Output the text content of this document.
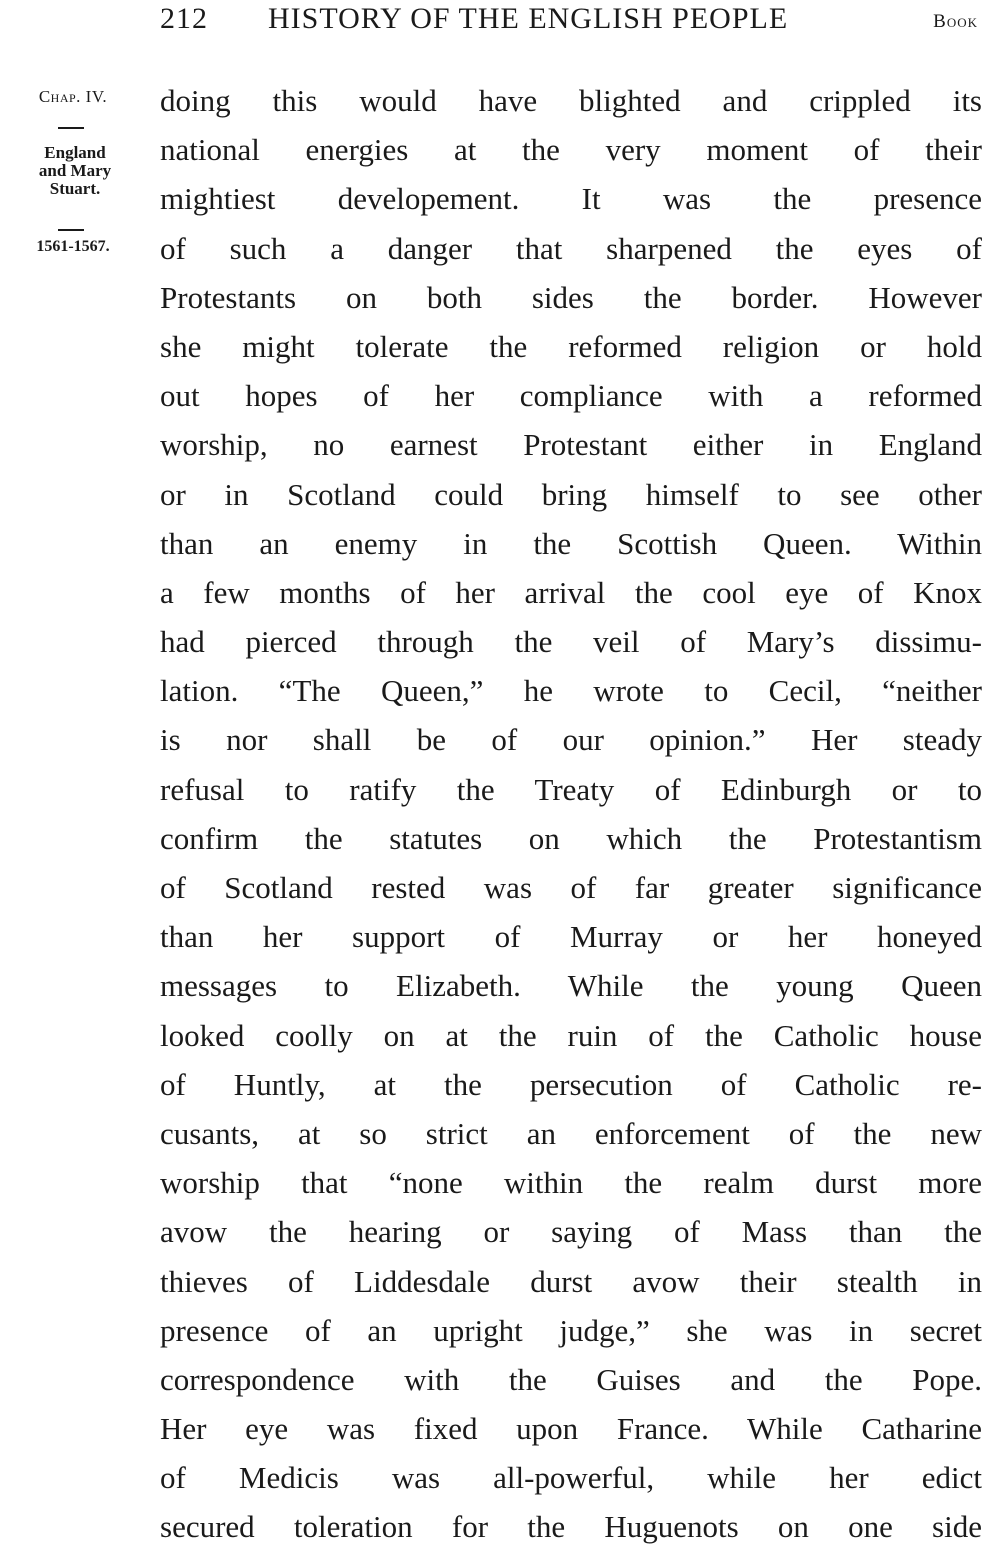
212 HISTORY OF THE ENGLISH PEOPLE	Book
Chap. IV.
England
and Mary
Stuart.
1561-1567.
doing this would have blighted and crippled its
national energies at the very moment of their
mightiest developement. It was the presence
of such a danger that sharpened the eyes of
Protestants on both sides the border. However
she might tolerate the reformed religion or hold
out hopes of her compliance with a reformed
worship, no earnest Protestant either in England
or in Scotland could bring himself to see other
than an enemy in the Scottish Queen. Within
a few months of her arrival the cool eye of Knox
had pierced through the veil of Mary’s dissimu-
lation. “The Queen,” he wrote to Cecil, “neither
is nor shall be of our opinion.” Her steady
refusal to ratify the Treaty of Edinburgh or to
confirm the statutes on which the Protestantism
of Scotland rested was of far greater significance
than her support of Murray or her honeyed
messages to Elizabeth. While the young Queen
looked coolly on at the ruin of the Catholic house
of Huntly, at the persecution of Catholic re-
cusants, at so strict an enforcement of the new
worship that “none within the realm durst more
avow the hearing or saying of Mass than the
thieves of Liddesdale durst avow their stealth in
presence of an upright judge,” she was in secret
correspondence with the Guises and the Pope.
Her eye was fixed upon France. While Catharine
of Medicis was all-powerful, while her edict
secured toleration for the Huguenots on one side
